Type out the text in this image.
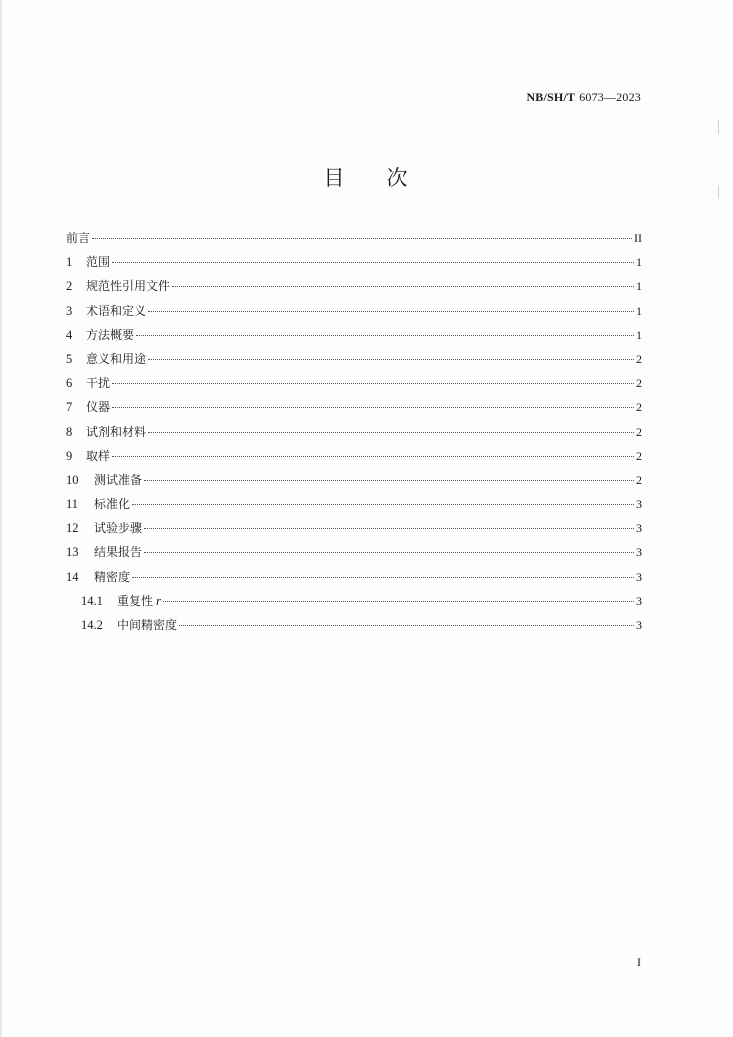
NB/SH/T 6073—2023
目 次
前言	II
1	范围	1
2	规范性引用文件	1
3	术语和定义	1
4	方法概要	1
5	意义和用途	2
6	干扰	2
7	仪器	2
8	试剂和材料	2
9	取样	2
10	测试准备	2
11	标准化	3
12	试验步骤	3
13	结果报告	3
14	精密度	3
14.1	重复性 r	3
14.2	中间精密度	3
I
